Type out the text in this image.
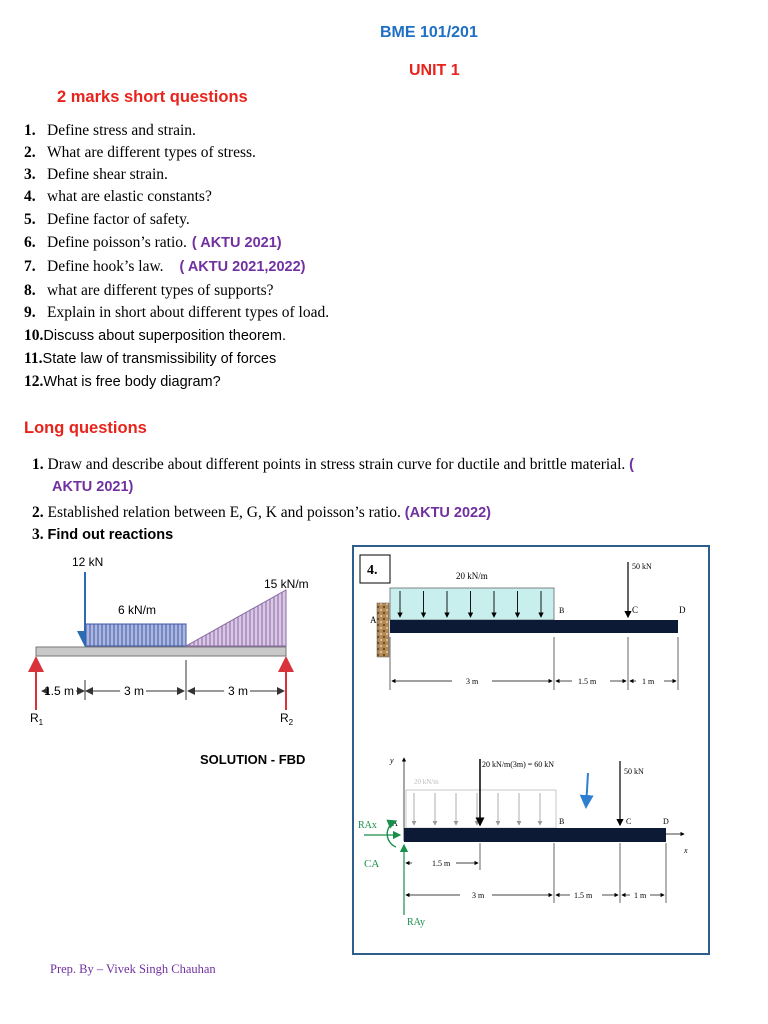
BME 101/201
UNIT 1
2 marks short questions
1. Define stress and strain.
2. What are different types of stress.
3. Define shear strain.
4. what are elastic constants?
5. Define factor of safety.
6. Define poisson’s ratio. ( AKTU 2021)
7. Define hook’s law. ( AKTU 2021,2022)
8. what are different types of supports?
9. Explain in short about different types of load.
10.Discuss about superposition theorem.
11.State law of transmissibility of forces
12.What is free body diagram?
Long questions
1. Draw and describe about different points in stress strain curve for ductile and brittle material. (
AKTU 2021)
2. Established relation between E, G, K and poisson’s ratio. (AKTU 2022)
3. Find out reactions
12 kN
6 kN/m
15 kN/m
$R_1$	$R_2$
1.5 m	3 m	3 m
SOLUTION - FBD
4.
A
20 kN/m
B	C	D
50 kN
3 m	1.5 m	1 m
y
x
20 kN/m
A	B	C	D
20 kN/m(3m) = 60 kN
50 kN
RAx
CA
RAy
1.5 m
3 m	1.5 m	1 m
Prep. By – Vivek Singh Chauhan
